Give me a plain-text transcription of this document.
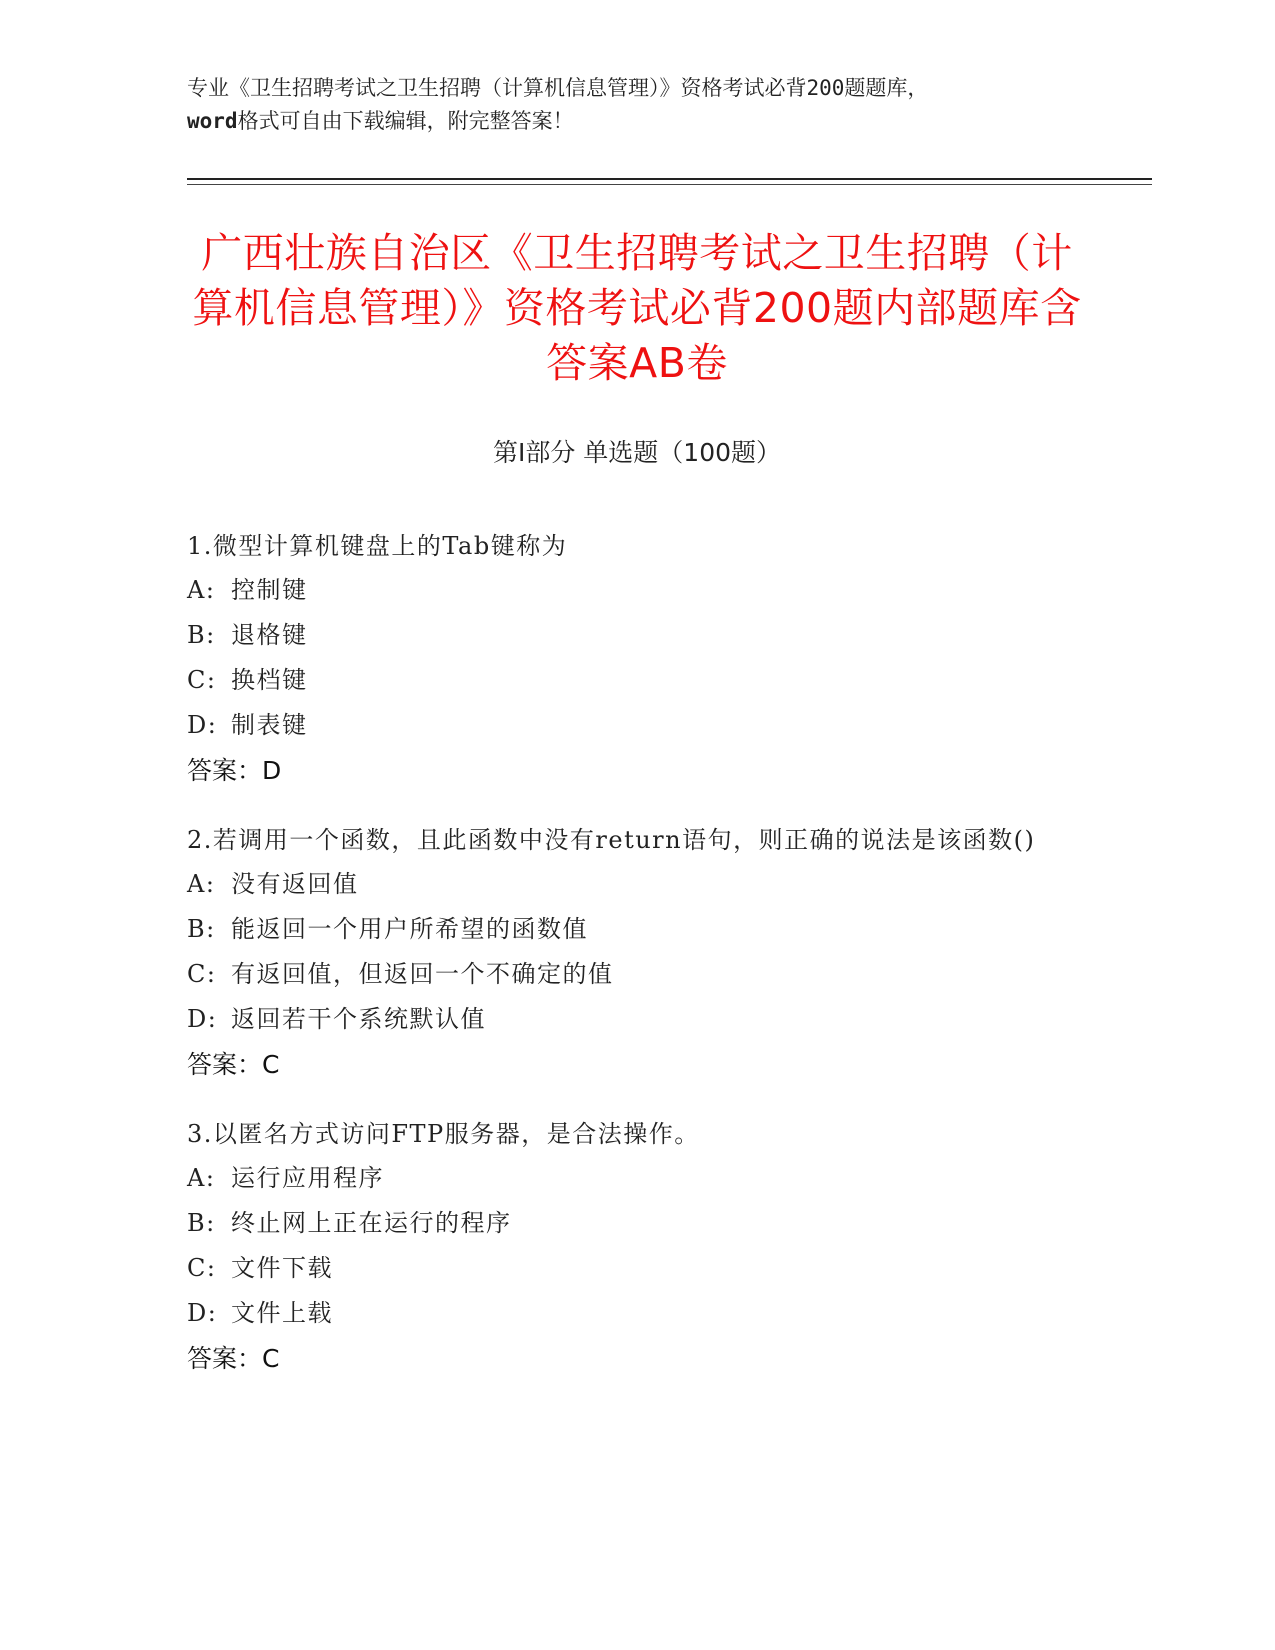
专业《卫生招聘考试之卫生招聘（计算机信息管理）》资格考试必背200题题库，
word格式可自由下载编辑，附完整答案！
广西壮族自治区《卫生招聘考试之卫生招聘（计算机信息管理）》资格考试必背200题内部题库含答案AB卷
第I部分 单选题（100题）
1.微型计算机键盘上的Tab键称为
A: 控制键
B: 退格键
C: 换档键
D: 制表键
答案：D
2.若调用一个函数，且此函数中没有return语句，则正确的说法是该函数()
A: 没有返回值
B: 能返回一个用户所希望的函数值
C: 有返回值，但返回一个不确定的值
D: 返回若干个系统默认值
答案：C
3.以匿名方式访问FTP服务器，是合法操作。
A: 运行应用程序
B: 终止网上正在运行的程序
C: 文件下载
D: 文件上载
答案：C
